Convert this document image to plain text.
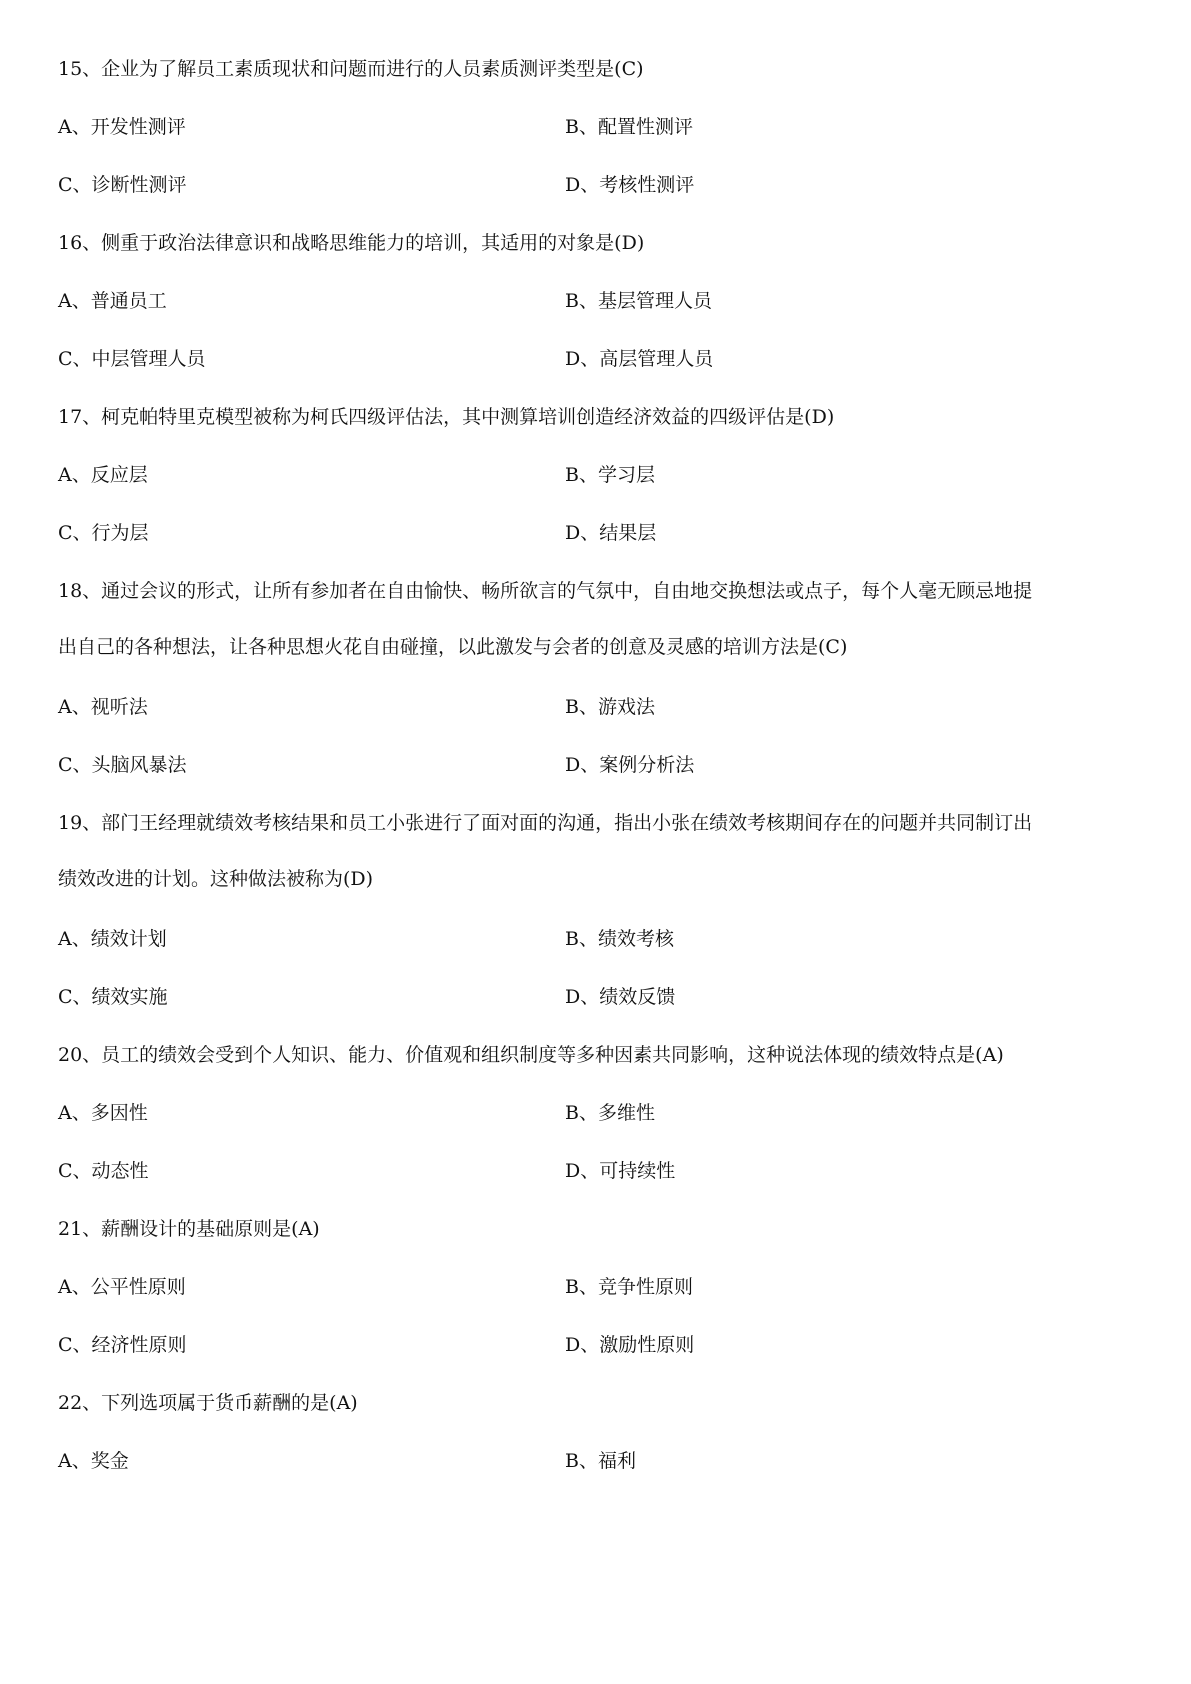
15、企业为了解员工素质现状和问题而进行的人员素质测评类型是(C)
A、开发性测评	B、配置性测评
C、诊断性测评	D、考核性测评
16、侧重于政治法律意识和战略思维能力的培训，其适用的对象是(D)
A、普通员工	B、基层管理人员
C、中层管理人员	D、高层管理人员
17、柯克帕特里克模型被称为柯氏四级评估法，其中测算培训创造经济效益的四级评估是(D)
A、反应层	B、学习层
C、行为层	D、结果层
18、通过会议的形式，让所有参加者在自由愉快、畅所欲言的气氛中，自由地交换想法或点子，每个人毫无顾忌地提
出自己的各种想法，让各种思想火花自由碰撞，以此激发与会者的创意及灵感的培训方法是(C)
A、视听法	B、游戏法
C、头脑风暴法	D、案例分析法
19、部门王经理就绩效考核结果和员工小张进行了面对面的沟通，指出小张在绩效考核期间存在的问题并共同制订出
绩效改进的计划。这种做法被称为(D)
A、绩效计划	B、绩效考核
C、绩效实施	D、绩效反馈
20、员工的绩效会受到个人知识、能力、价值观和组织制度等多种因素共同影响，这种说法体现的绩效特点是(A)
A、多因性	B、多维性
C、动态性	D、可持续性
21、薪酬设计的基础原则是(A)
A、公平性原则	B、竞争性原则
C、经济性原则	D、激励性原则
22、下列选项属于货币薪酬的是(A)
A、奖金	B、福利
